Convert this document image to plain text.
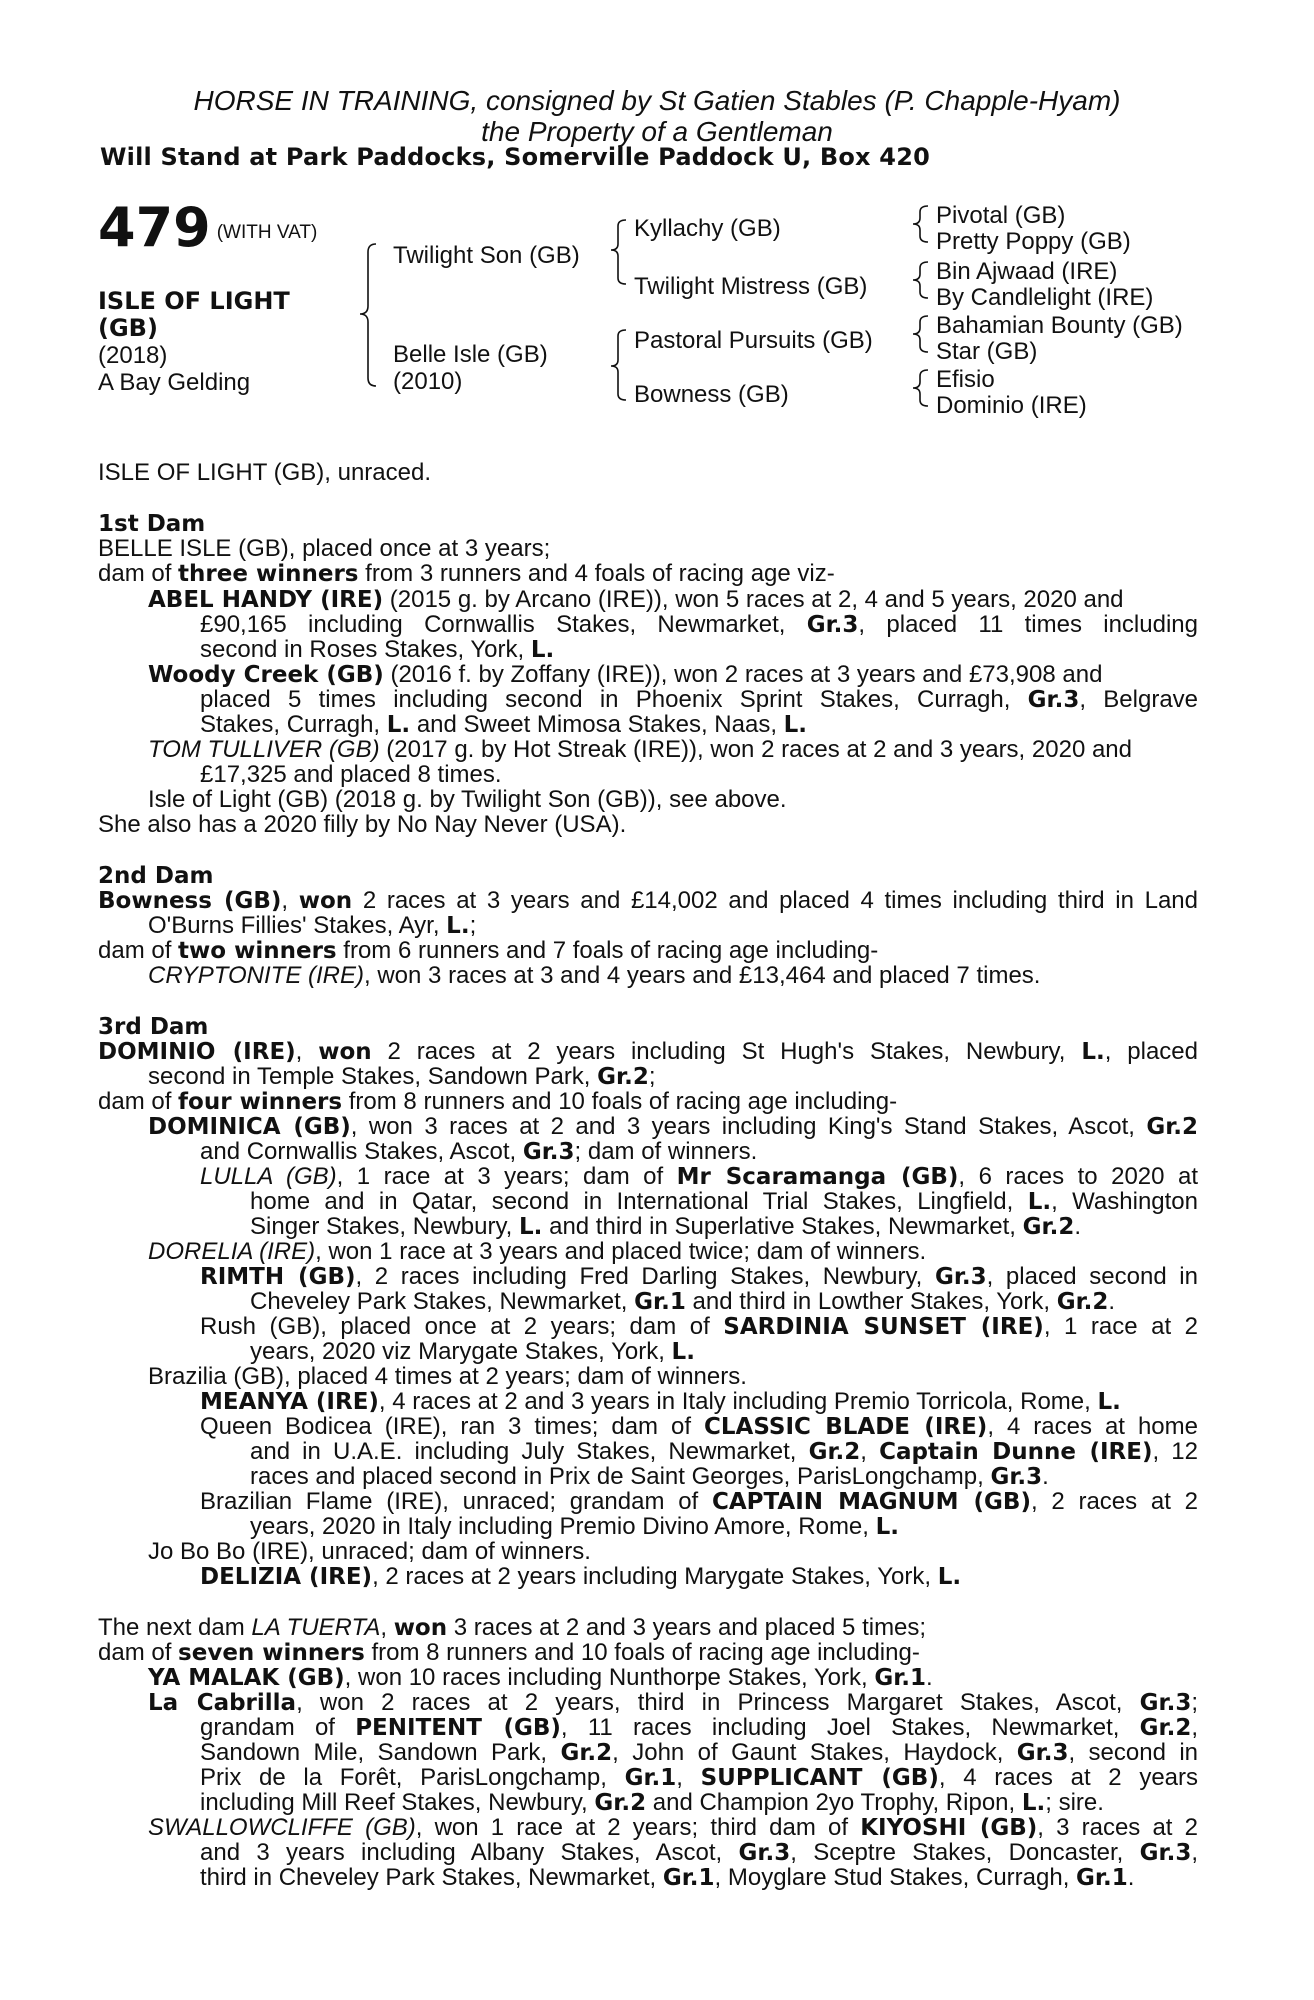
HORSE IN TRAINING, consigned by St Gatien Stables (P. Chapple-Hyam)
the Property of a Gentleman
Will Stand at Park Paddocks, Somerville Paddock U, Box 420
479 $^{(WITH VAT)}$
ISLE OF LIGHT
(GB)
(2018)
A Bay Gelding
Twilight Son (GB)
Belle Isle (GB)
(2010)
Kyllachy (GB)
Twilight Mistress (GB)
Pastoral Pursuits (GB)
Bowness (GB)
Pivotal (GB)
Pretty Poppy (GB)
Bin Ajwaad (IRE)
By Candlelight (IRE)
Bahamian Bounty (GB)
Star (GB)
Efisio
Dominio (IRE)
ISLE OF LIGHT (GB), unraced.
1st Dam
BELLE ISLE (GB), placed once at 3 years;
dam of three winners from 3 runners and 4 foals of racing age viz-
ABEL HANDY (IRE) (2015 g. by Arcano (IRE)), won 5 races at 2, 4 and 5 years, 2020 and
£90,165 including Cornwallis Stakes, Newmarket, Gr.3, placed 11 times including
second in Roses Stakes, York, L.
Woody Creek (GB) (2016 f. by Zoffany (IRE)), won 2 races at 3 years and £73,908 and
placed 5 times including second in Phoenix Sprint Stakes, Curragh, Gr.3, Belgrave
Stakes, Curragh, L. and Sweet Mimosa Stakes, Naas, L.
TOM TULLIVER (GB) (2017 g. by Hot Streak (IRE)), won 2 races at 2 and 3 years, 2020 and
£17,325 and placed 8 times.
Isle of Light (GB) (2018 g. by Twilight Son (GB)), see above.
She also has a 2020 filly by No Nay Never (USA).
2nd Dam
Bowness (GB), won 2 races at 3 years and £14,002 and placed 4 times including third in Land
O'Burns Fillies' Stakes, Ayr, L.;
dam of two winners from 6 runners and 7 foals of racing age including-
CRYPTONITE (IRE), won 3 races at 3 and 4 years and £13,464 and placed 7 times.
3rd Dam
DOMINIO (IRE), won 2 races at 2 years including St Hugh's Stakes, Newbury, L., placed
second in Temple Stakes, Sandown Park, Gr.2;
dam of four winners from 8 runners and 10 foals of racing age including-
DOMINICA (GB), won 3 races at 2 and 3 years including King's Stand Stakes, Ascot, Gr.2
and Cornwallis Stakes, Ascot, Gr.3; dam of winners.
LULLA (GB), 1 race at 3 years; dam of Mr Scaramanga (GB), 6 races to 2020 at
home and in Qatar, second in International Trial Stakes, Lingfield, L., Washington
Singer Stakes, Newbury, L. and third in Superlative Stakes, Newmarket, Gr.2.
DORELIA (IRE), won 1 race at 3 years and placed twice; dam of winners.
RIMTH (GB), 2 races including Fred Darling Stakes, Newbury, Gr.3, placed second in
Cheveley Park Stakes, Newmarket, Gr.1 and third in Lowther Stakes, York, Gr.2.
Rush (GB), placed once at 2 years; dam of SARDINIA SUNSET (IRE), 1 race at 2
years, 2020 viz Marygate Stakes, York, L.
Brazilia (GB), placed 4 times at 2 years; dam of winners.
MEANYA (IRE), 4 races at 2 and 3 years in Italy including Premio Torricola, Rome, L.
Queen Bodicea (IRE), ran 3 times; dam of CLASSIC BLADE (IRE), 4 races at home
and in U.A.E. including July Stakes, Newmarket, Gr.2, Captain Dunne (IRE), 12
races and placed second in Prix de Saint Georges, ParisLongchamp, Gr.3.
Brazilian Flame (IRE), unraced; grandam of CAPTAIN MAGNUM (GB), 2 races at 2
years, 2020 in Italy including Premio Divino Amore, Rome, L.
Jo Bo Bo (IRE), unraced; dam of winners.
DELIZIA (IRE), 2 races at 2 years including Marygate Stakes, York, L.
The next dam LA TUERTA, won 3 races at 2 and 3 years and placed 5 times;
dam of seven winners from 8 runners and 10 foals of racing age including-
YA MALAK (GB), won 10 races including Nunthorpe Stakes, York, Gr.1.
La Cabrilla, won 2 races at 2 years, third in Princess Margaret Stakes, Ascot, Gr.3;
grandam of PENITENT (GB), 11 races including Joel Stakes, Newmarket, Gr.2,
Sandown Mile, Sandown Park, Gr.2, John of Gaunt Stakes, Haydock, Gr.3, second in
Prix de la Forêt, ParisLongchamp, Gr.1, SUPPLICANT (GB), 4 races at 2 years
including Mill Reef Stakes, Newbury, Gr.2 and Champion 2yo Trophy, Ripon, L.; sire.
SWALLOWCLIFFE (GB), won 1 race at 2 years; third dam of KIYOSHI (GB), 3 races at 2
and 3 years including Albany Stakes, Ascot, Gr.3, Sceptre Stakes, Doncaster, Gr.3,
third in Cheveley Park Stakes, Newmarket, Gr.1, Moyglare Stud Stakes, Curragh, Gr.1.
